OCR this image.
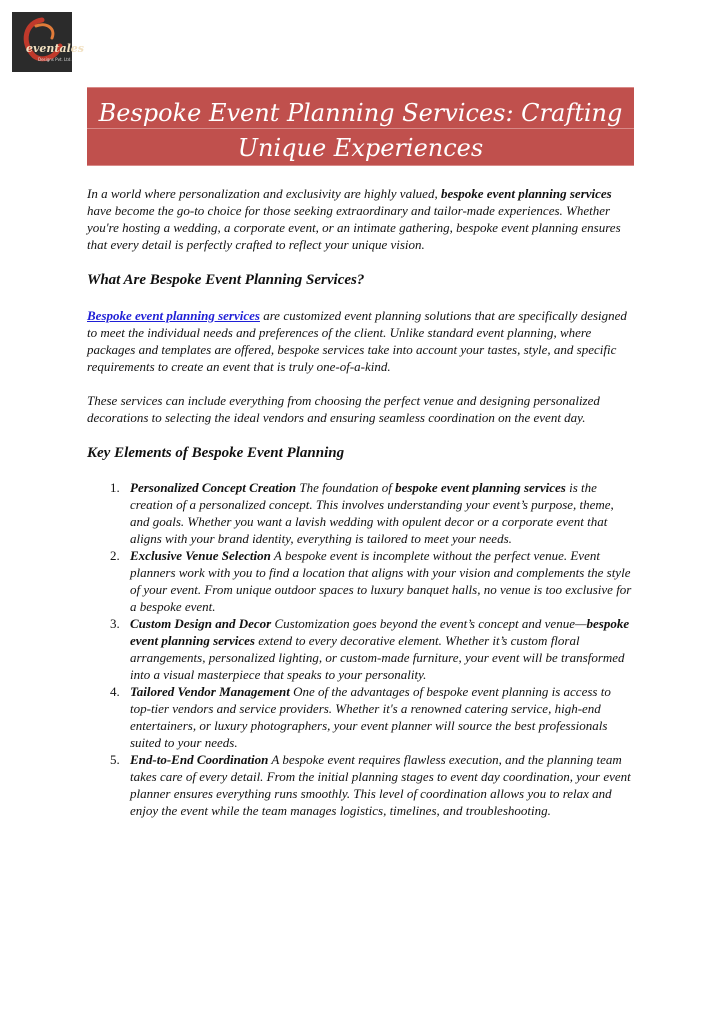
eventales
Designs Pvt. Ltd.
Bespoke Event Planning Services: Crafting
Unique Experiences

In a world where personalization and exclusivity are highly valued, bespoke event planning services have become the go-to choice for those seeking extraordinary and tailor-made experiences. Whether you're hosting a wedding, a corporate event, or an intimate gathering, bespoke event planning ensures that every detail is perfectly crafted to reflect your unique vision.

What Are Bespoke Event Planning Services?

Bespoke event planning services are customized event planning solutions that are specifically designed to meet the individual needs and preferences of the client. Unlike standard event planning, where packages and templates are offered, bespoke services take into account your tastes, style, and specific requirements to create an event that is truly one-of-a-kind.

These services can include everything from choosing the perfect venue and designing personalized decorations to selecting the ideal vendors and ensuring seamless coordination on the event day.

Key Elements of Bespoke Event Planning
1. Personalized Concept Creation The foundation of bespoke event planning services is the creation of a personalized concept. This involves understanding your event’s purpose, theme, and goals. Whether you want a lavish wedding with opulent decor or a corporate event that aligns with your brand identity, everything is tailored to meet your needs.
2. Exclusive Venue Selection A bespoke event is incomplete without the perfect venue. Event planners work with you to find a location that aligns with your vision and complements the style of your event. From unique outdoor spaces to luxury banquet halls, no venue is too exclusive for a bespoke event.
3. Custom Design and Decor Customization goes beyond the event’s concept and venue—bespoke event planning services extend to every decorative element. Whether it’s custom floral arrangements, personalized lighting, or custom-made furniture, your event will be transformed into a visual masterpiece that speaks to your personality.
4. Tailored Vendor Management One of the advantages of bespoke event planning is access to top-tier vendors and service providers. Whether it's a renowned catering service, high-end entertainers, or luxury photographers, your event planner will source the best professionals suited to your needs.
5. End-to-End Coordination A bespoke event requires flawless execution, and the planning team takes care of every detail. From the initial planning stages to event day coordination, your event planner ensures everything runs smoothly. This level of coordination allows you to relax and enjoy the event while the team manages logistics, timelines, and troubleshooting.
